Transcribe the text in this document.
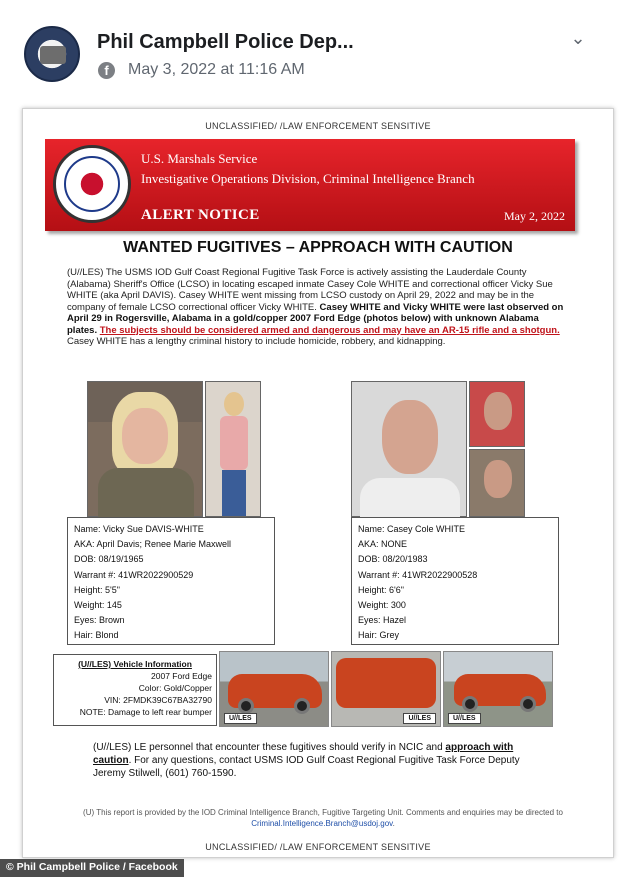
Phil Campbell Police Dep...
f	May 3, 2022 at 11:16 AM
⌄
UNCLASSIFIED/ /LAW ENFORCEMENT SENSITIVE
U.S. Marshals Service
Investigative Operations Division, Criminal Intelligence Branch
ALERT NOTICE	May 2, 2022
WANTED FUGITIVES – APPROACH WITH CAUTION
(U//LES) The USMS IOD Gulf Coast Regional Fugitive Task Force is actively assisting the Lauderdale County (Alabama) Sheriff's Office (LCSO) in locating escaped inmate Casey Cole WHITE and correctional officer Vicky Sue WHITE (aka April DAVIS). Casey WHITE went missing from LCSO custody on April 29, 2022 and may be in the company of female LCSO correctional officer Vicky WHITE. Casey WHITE and Vicky WHITE were last observed on April 29 in Rogersville, Alabama in a gold/copper 2007 Ford Edge (photos below) with unknown Alabama plates. The subjects should be considered armed and dangerous and may have an AR-15 rifle and a shotgun. Casey WHITE has a lengthy criminal history to include homicide, robbery, and kidnapping.
Name: Vicky Sue DAVIS-WHITE
AKA: April Davis; Renee Marie Maxwell
DOB: 08/19/1965
Warrant #: 41WR2022900529
Height: 5'5"
Weight: 145
Eyes: Brown
Hair: Blond
Name: Casey Cole WHITE
AKA: NONE
DOB: 08/20/1983
Warrant #: 41WR2022900528
Height: 6'6"
Weight: 300
Eyes: Hazel
Hair: Grey
(U//LES) Vehicle Information
2007 Ford Edge
Color: Gold/Copper
VIN: 2FMDK39C67BA32790
NOTE: Damage to left rear bumper
U//LES	U//LES	U//LES
(U//LES) LE personnel that encounter these fugitives should verify in NCIC and approach with caution. For any questions, contact USMS IOD Gulf Coast Regional Fugitive Task Force Deputy Jeremy Stilwell, (601) 760-1590.
(U) This report is provided by the IOD Criminal Intelligence Branch, Fugitive Targeting Unit. Comments and enquiries may be directed to Criminal.Intelligence.Branch@usdoj.gov.
UNCLASSIFIED/ /LAW ENFORCEMENT SENSITIVE
© Phil Campbell Police / Facebook
